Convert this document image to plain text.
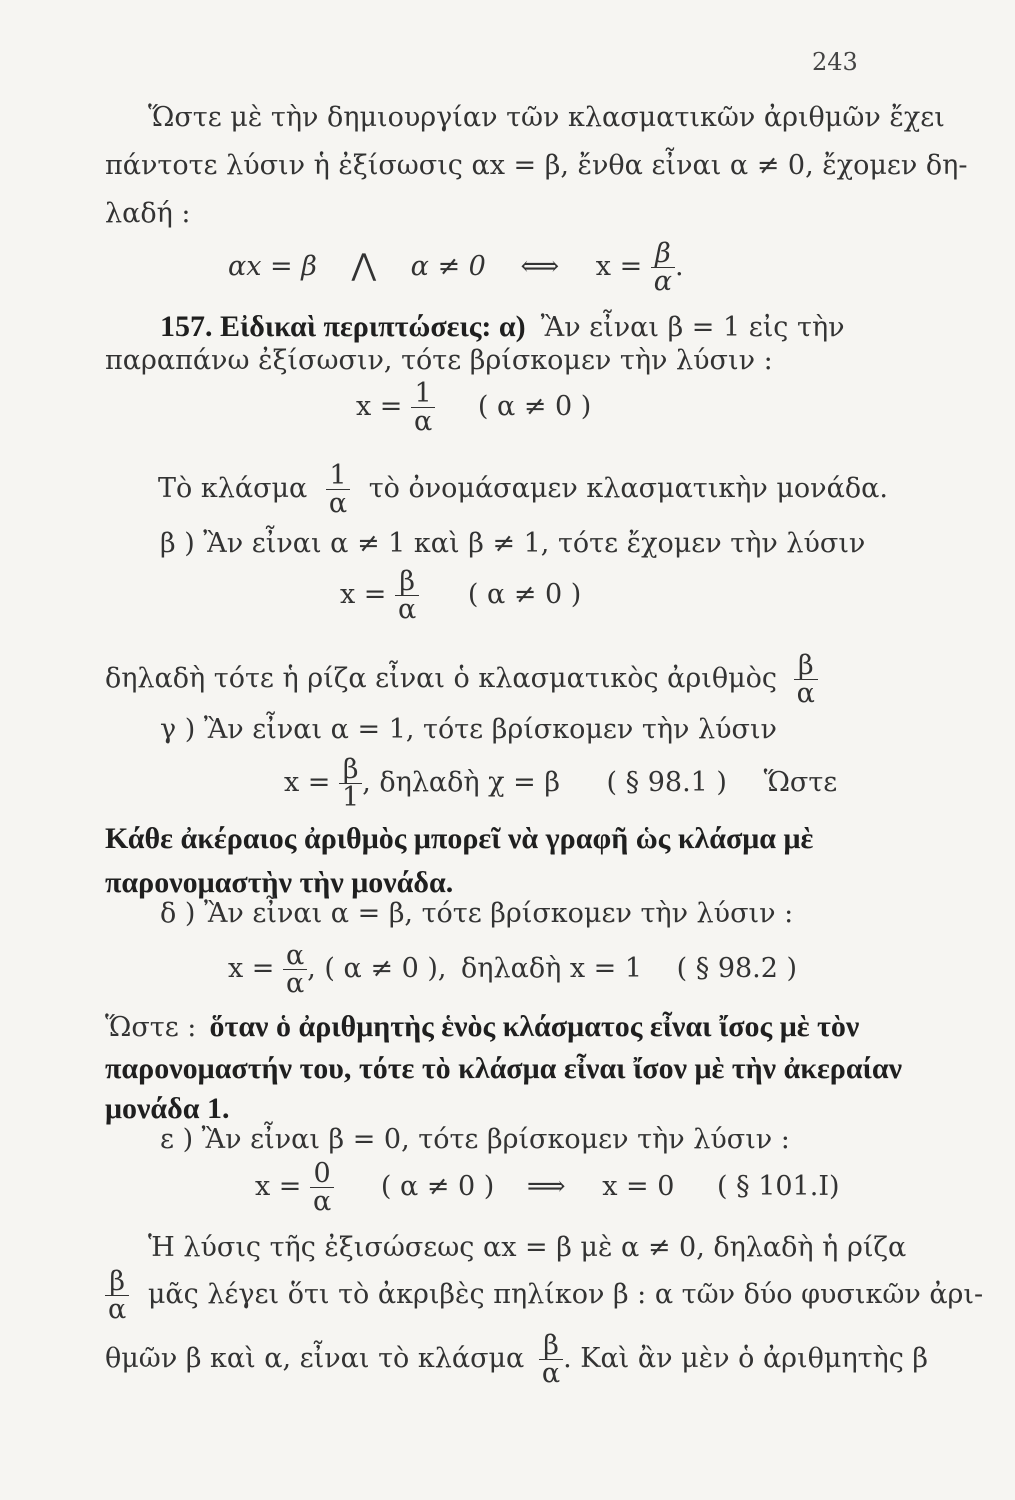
243
Ὥστε μὲ τὴν δημιουργίαν τῶν κλασματικῶν ἀριθμῶν ἔχει
πάντοτε λύσιν ἡ ἐξίσωσις αx = β, ἔνθα εἶναι α ≠ 0, ἔχομεν δη-
λαδή :
αx = β ⋀ α ≠ 0 ⟺ $x = \frac{\beta}{\alpha}$ .
157. Εἰδικαὶ περιπτώσεις: α) Ἂν εἶναι β = 1 εἰς τὴν
παραπάνω ἐξίσωσιν, τότε βρίσκομεν τὴν λύσιν :
$x = \frac{1}{\alpha}$ ( α ≠ 0 )
Τὸ κλάσμα $\frac{1}{\alpha}$ τὸ ὀνομάσαμεν κλασματικὴν μονάδα.
β ) Ἂν εἶναι α ≠ 1 καὶ β ≠ 1, τότε ἔχομεν τὴν λύσιν
$x = \frac{\beta}{\alpha}$ ( α ≠ 0 )
δηλαδὴ τότε ἡ ρίζα εἶναι ὁ κλασματικὸς ἀριθμὸς $\frac{\beta}{\alpha}$
γ ) Ἂν εἶναι α = 1, τότε βρίσκομεν τὴν λύσιν
$x = \frac{\beta}{1}$ , δηλαδὴ χ = β ( § 98.1 ) Ὥστε
Κάθε ἀκέραιος ἀριθμὸς μπορεῖ νὰ γραφῆ ὡς κλάσμα μὲ
παρονομαστὴν τὴν μονάδα.
δ ) Ἂν εἶναι α = β, τότε βρίσκομεν τὴν λύσιν :
$x = \frac{\alpha}{\alpha}$ , ( α ≠ 0 ), δηλαδὴ x = 1 ( § 98.2 )
Ὥστε : ὅταν ὁ ἀριθμητὴς ἑνὸς κλάσματος εἶναι ἴσος μὲ τὸν
παρονομαστήν του, τότε τὸ κλάσμα εἶναι ἴσον μὲ τὴν ἀκεραίαν
μονάδα 1.
ε ) Ἂν εἶναι β = 0, τότε βρίσκομεν τὴν λύσιν :
$x = \frac{0}{\alpha}$ ( α ≠ 0 ) ⟹ x = 0 ( § 101.I)
Ἡ λύσις τῆς ἐξισώσεως αx = β μὲ α ≠ 0, δηλαδὴ ἡ ρίζα
$\frac{\beta}{\alpha}$ μᾶς λέγει ὅτι τὸ ἀκριβὲς πηλίκον β : α τῶν δύο φυσικῶν ἀρι-
θμῶν β καὶ α, εἶναι τὸ κλάσμα $\frac{\beta}{\alpha}$ . Καὶ ἂν μὲν ὁ ἀριθμητὴς β
